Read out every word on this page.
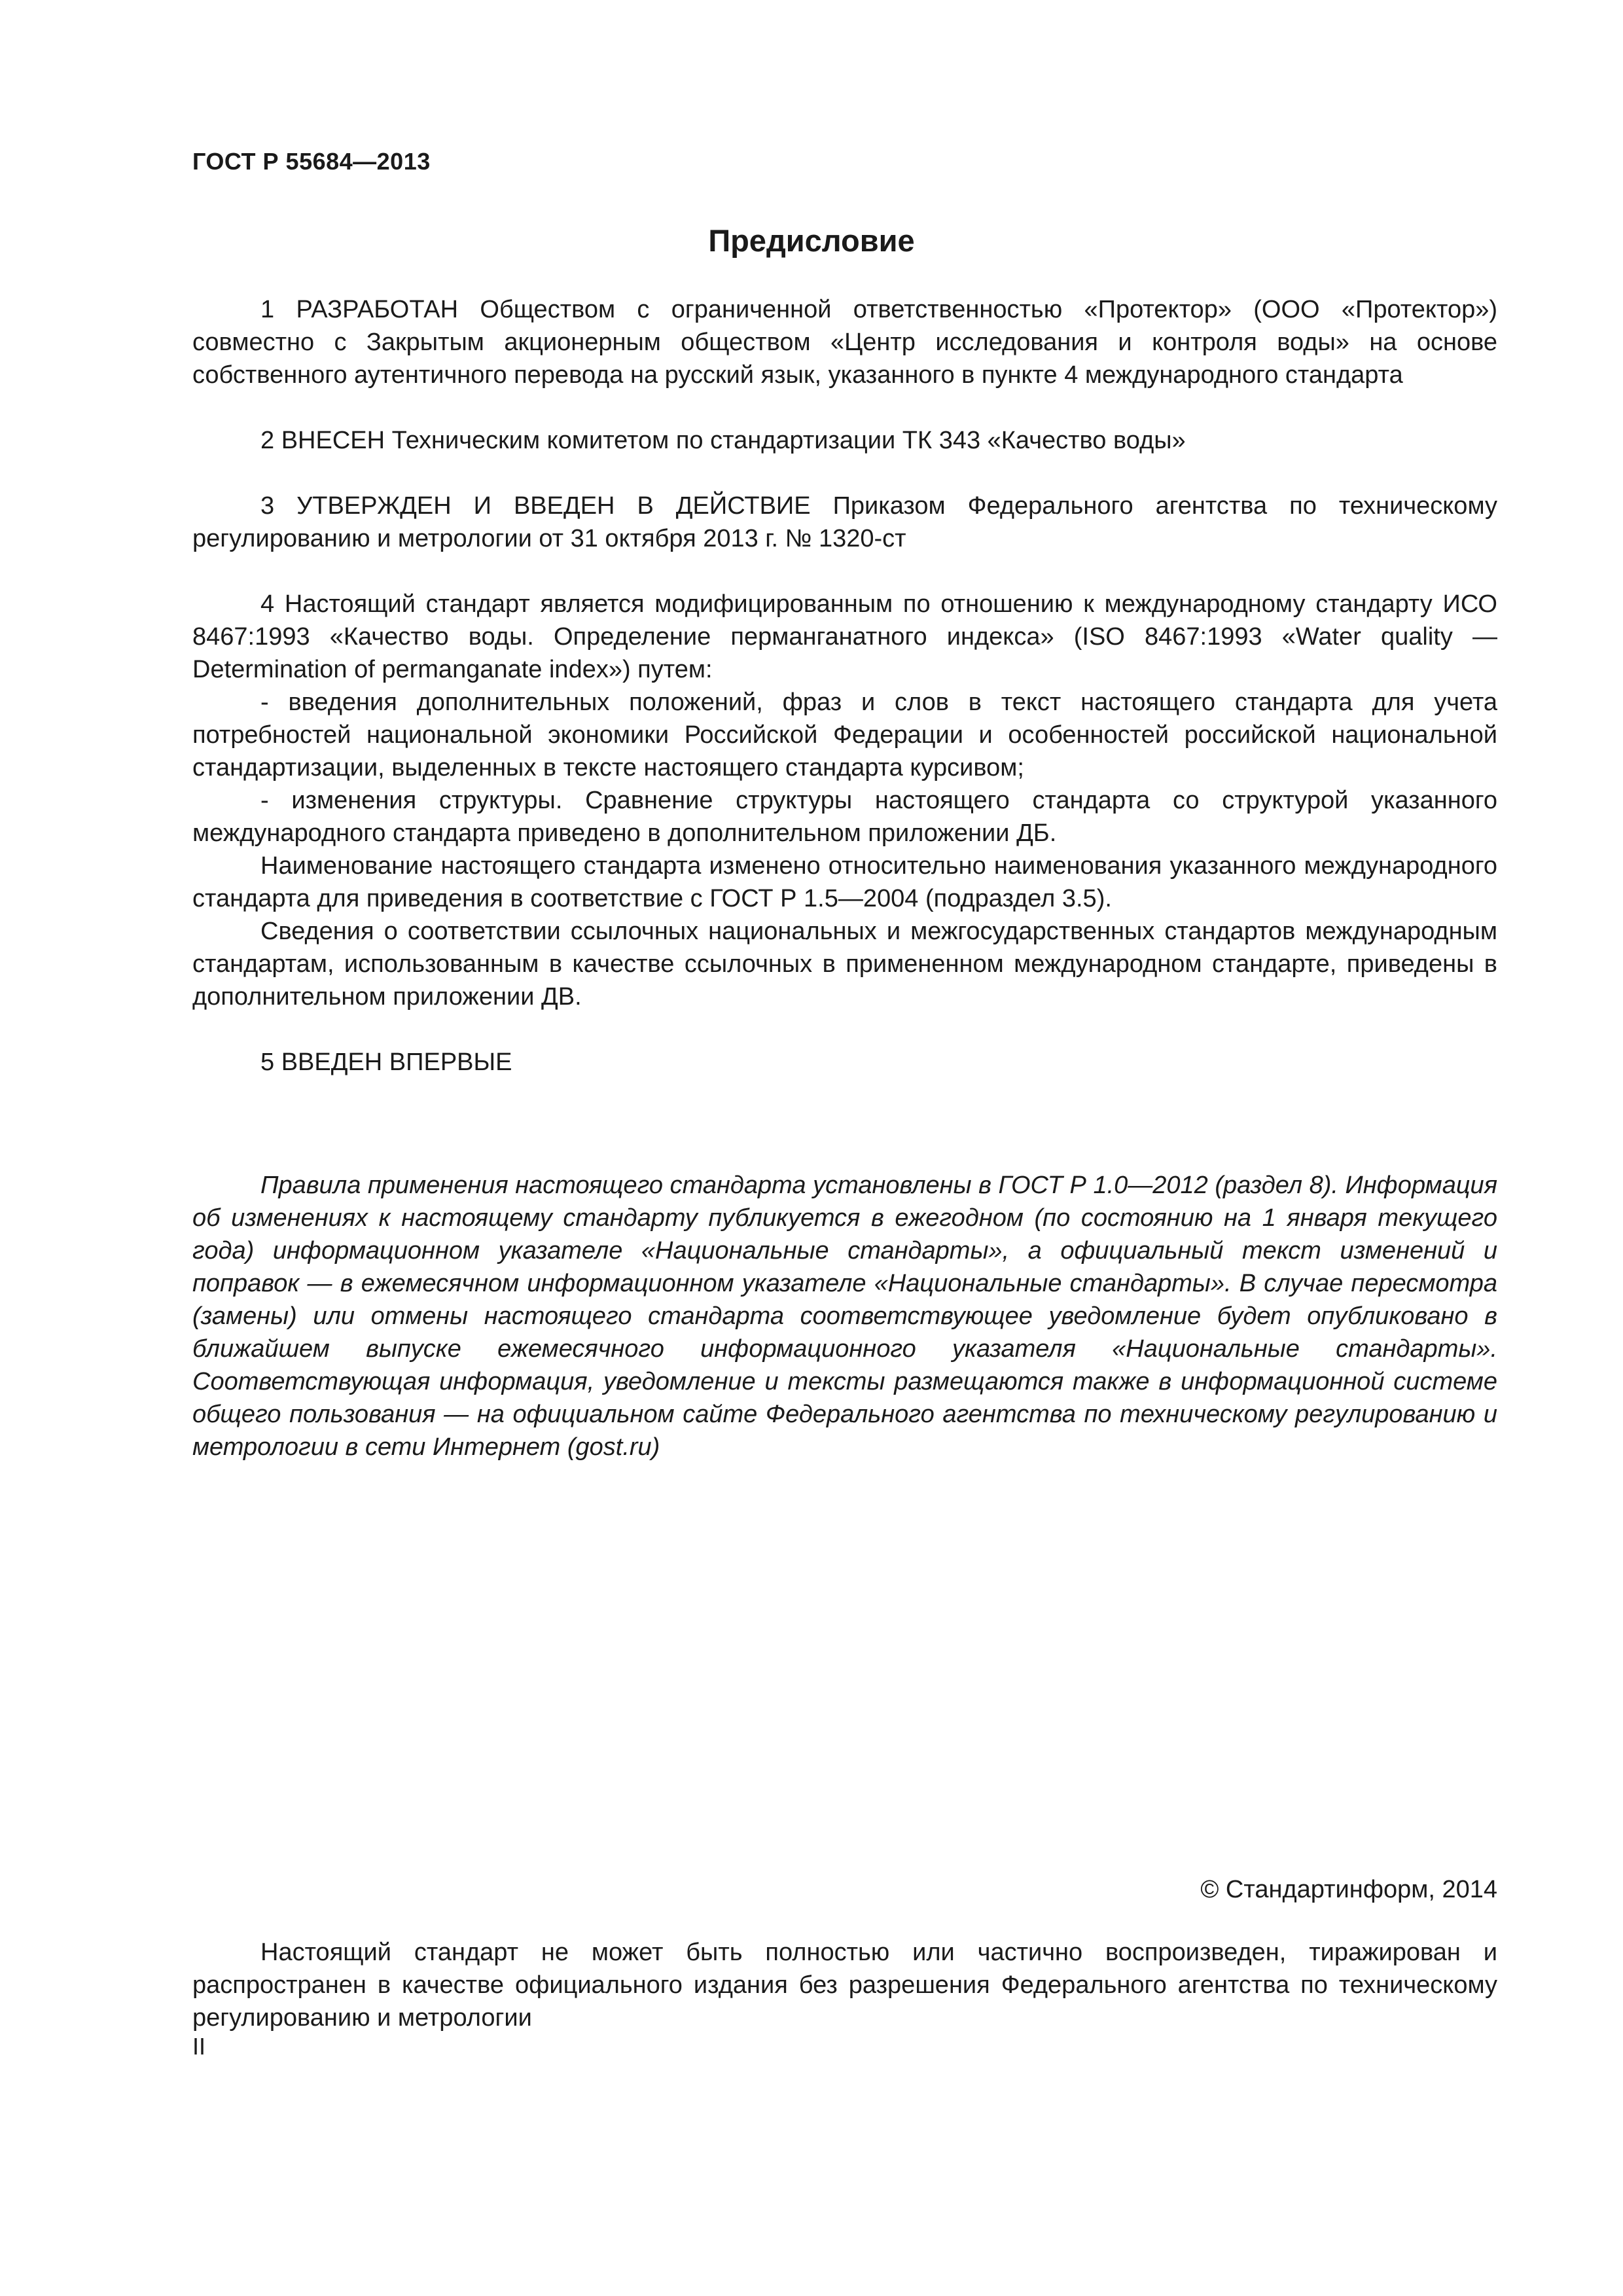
ГОСТ Р 55684—2013
Предисловие

1 РАЗРАБОТАН Обществом с ограниченной ответственностью «Протектор» (ООО «Протектор») совместно с Закрытым акционерным обществом «Центр исследования и контроля воды» на основе собственного аутентичного перевода на русский язык, указанного в пункте 4 международного стандарта

2 ВНЕСЕН Техническим комитетом по стандартизации ТК 343 «Качество воды»

3 УТВЕРЖДЕН И ВВЕДЕН В ДЕЙСТВИЕ Приказом Федерального агентства по техническому регулированию и метрологии от 31 октября 2013 г. № 1320-ст

4 Настоящий стандарт является модифицированным по отношению к международному стандарту ИСО 8467:1993 «Качество воды. Определение перманганатного индекса» (ISO 8467:1993 «Water quality — Determination of permanganate index») путем:

- введения дополнительных положений, фраз и слов в текст настоящего стандарта для учета потребностей национальной экономики Российской Федерации и особенностей российской национальной стандартизации, выделенных в тексте настоящего стандарта курсивом;

- изменения структуры. Сравнение структуры настоящего стандарта со структурой указанного международного стандарта приведено в дополнительном приложении ДБ.

Наименование настоящего стандарта изменено относительно наименования указанного международного стандарта для приведения в соответствие с ГОСТ Р 1.5—2004 (подраздел 3.5).

Сведения о соответствии ссылочных национальных и межгосударственных стандартов международным стандартам, использованным в качестве ссылочных в примененном международном стандарте, приведены в дополнительном приложении ДВ.

5 ВВЕДЕН ВПЕРВЫЕ

Правила применения настоящего стандарта установлены в ГОСТ Р 1.0—2012 (раздел 8). Информация об изменениях к настоящему стандарту публикуется в ежегодном (по состоянию на 1 января текущего года) информационном указателе «Национальные стандарты», а официальный текст изменений и поправок — в ежемесячном информационном указателе «Национальные стандарты». В случае пересмотра (замены) или отмены настоящего стандарта соответствующее уведомление будет опубликовано в ближайшем выпуске ежемесячного информационного указателя «Национальные стандарты». Соответствующая информация, уведомление и тексты размещаются также в информационной системе общего пользования — на официальном сайте Федерального агентства по техническому регулированию и метрологии в сети Интернет (gost.ru)

© Стандартинформ, 2014

Настоящий стандарт не может быть полностью или частично воспроизведен, тиражирован и распространен в качестве официального издания без разрешения Федерального агентства по техническому регулированию и метрологии

II
